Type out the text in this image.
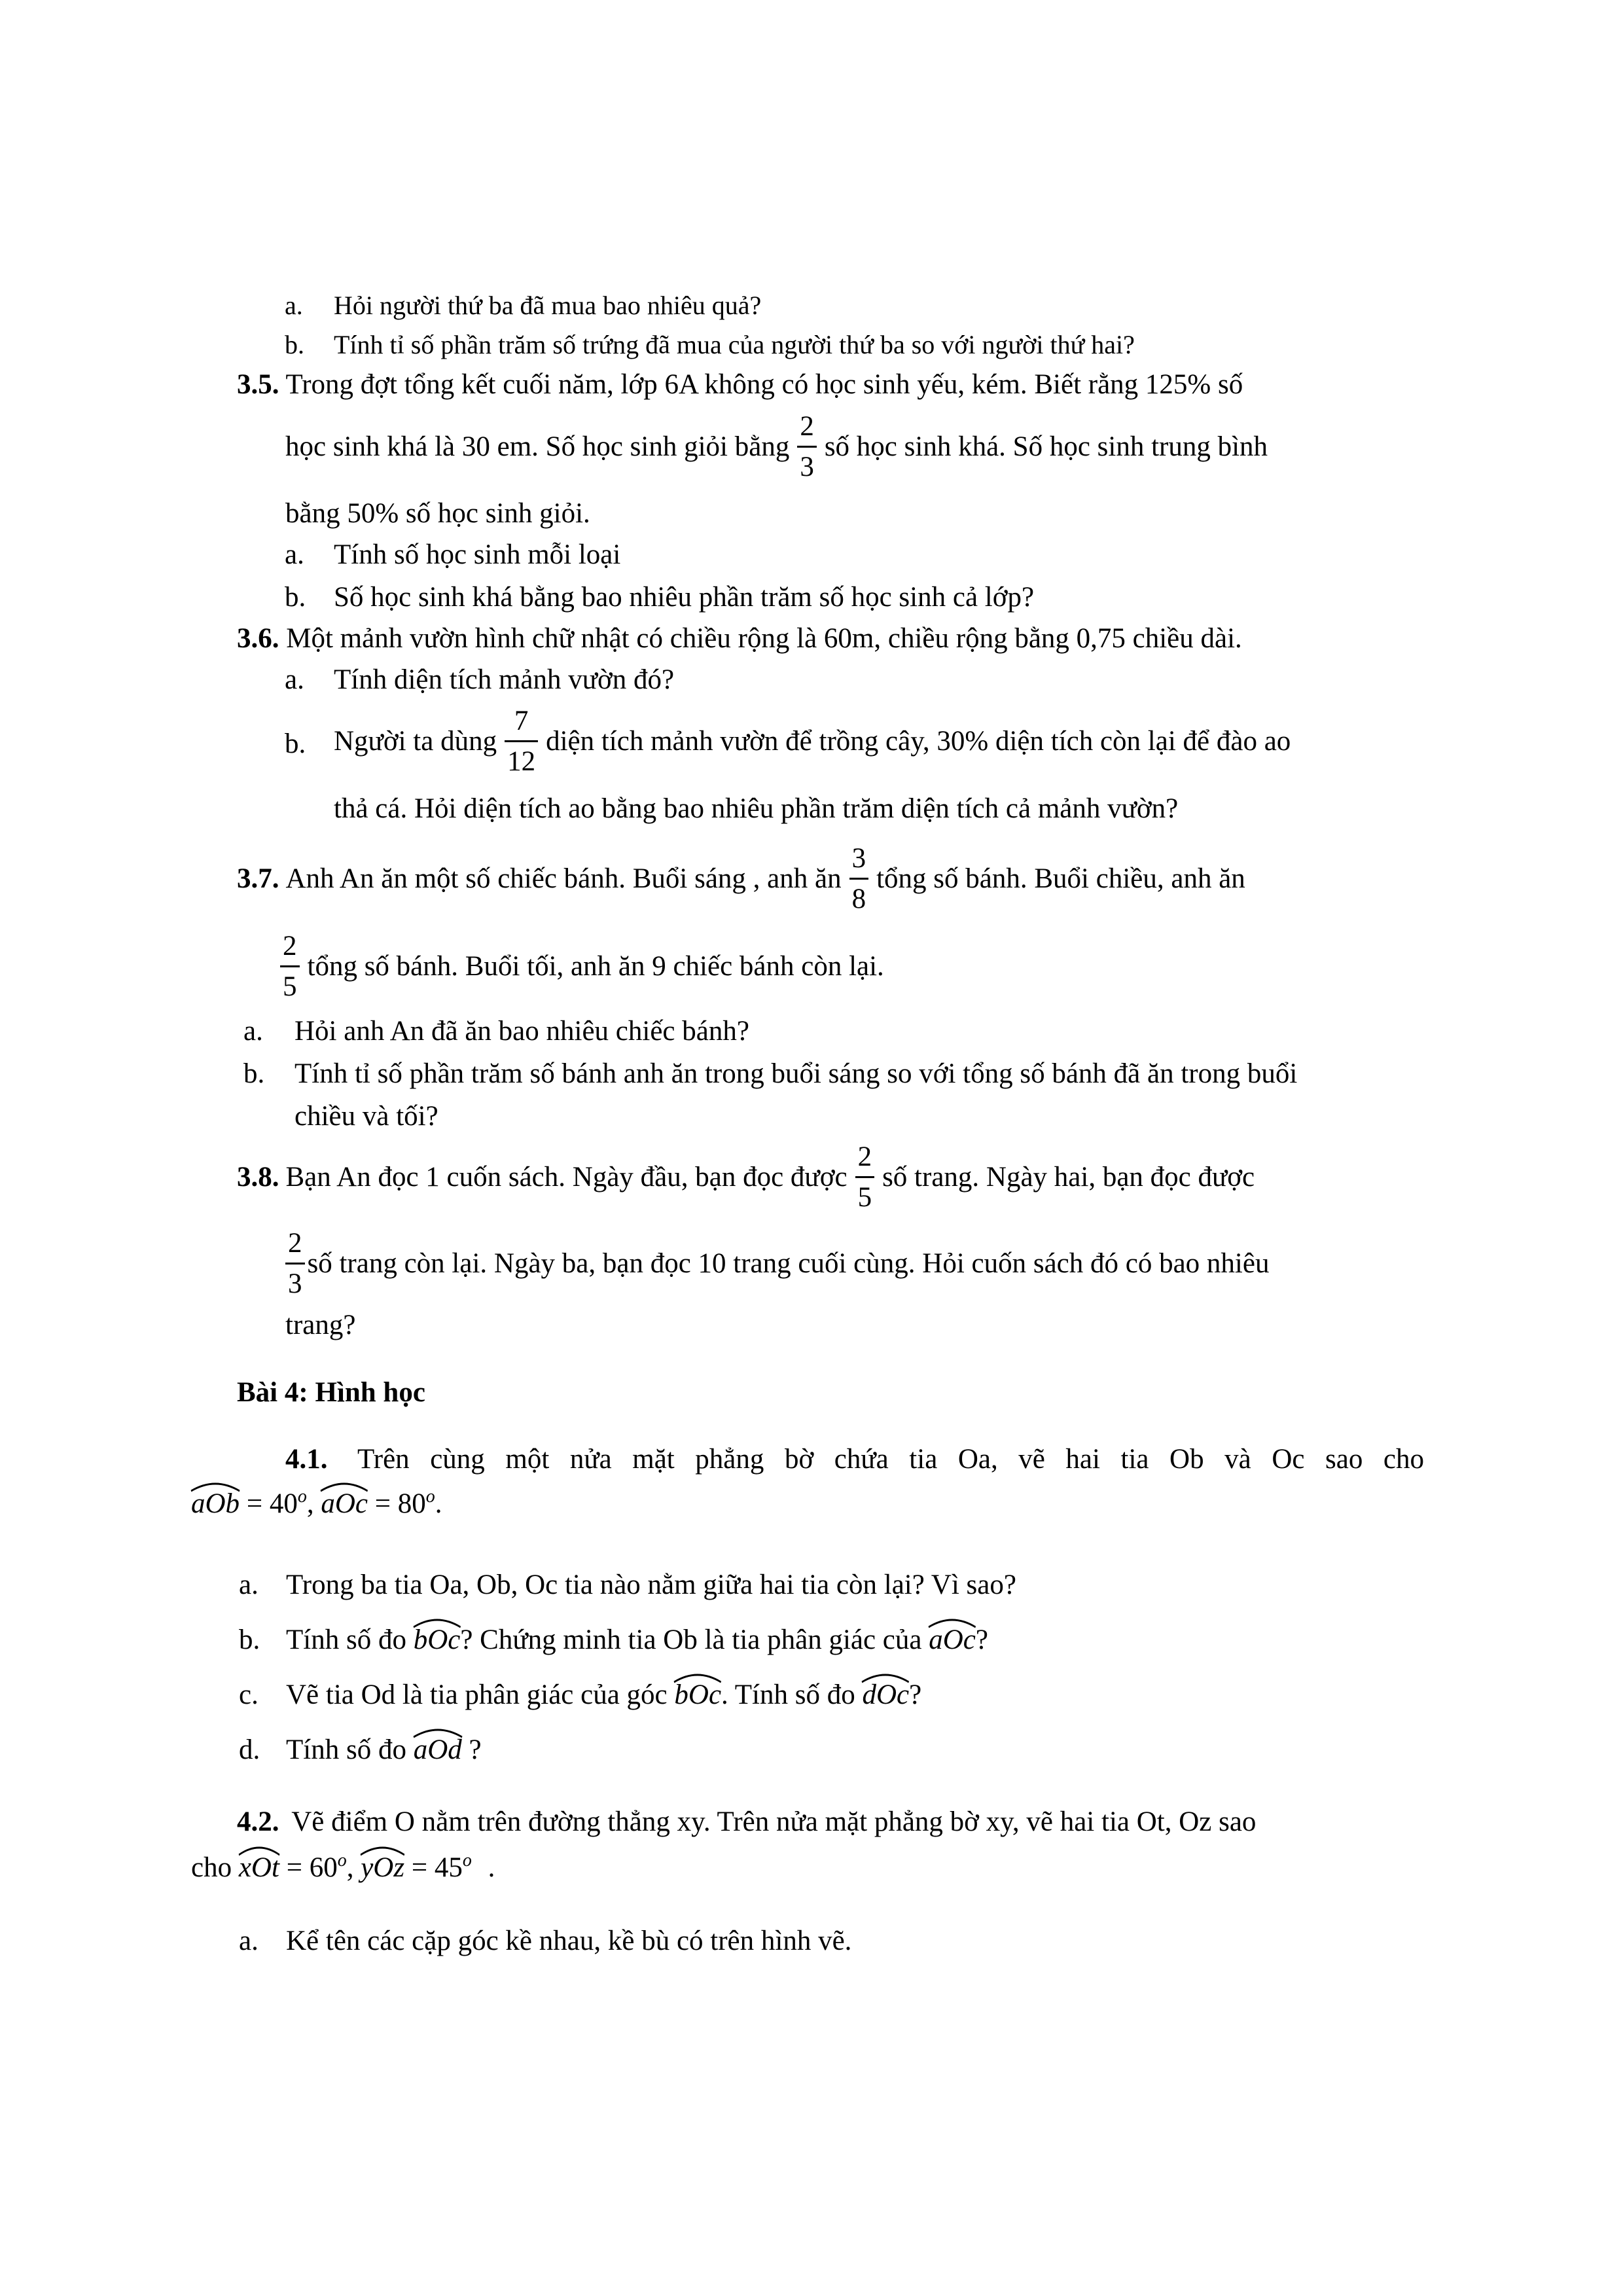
a. Hỏi người thứ ba đã mua bao nhiêu quả?
b. Tính tỉ số phần trăm số trứng đã mua của người thứ ba so với người thứ hai?
3.5. Trong đợt tổng kết cuối năm, lớp 6A không có học sinh yếu, kém. Biết rằng 125% số
học sinh khá là 30 em. Số học sinh giỏi bằng $\frac{2}{3}$ số học sinh khá. Số học sinh trung bình
bằng 50% số học sinh giỏi.
a. Tính số học sinh mỗi loại
b. Số học sinh khá bằng bao nhiêu phần trăm số học sinh cả lớp?
3.6. Một mảnh vườn hình chữ nhật có chiều rộng là 60m, chiều rộng bằng 0,75 chiều dài.
a. Tính diện tích mảnh vườn đó?
b. Người ta dùng $\frac{7}{12}$ diện tích mảnh vườn để trồng cây, 30% diện tích còn lại để đào ao
thả cá. Hỏi diện tích ao bằng bao nhiêu phần trăm diện tích cả mảnh vườn?
3.7. Anh An ăn một số chiếc bánh. Buổi sáng , anh ăn $\frac{3}{8}$ tổng số bánh. Buổi chiều, anh ăn
$\frac{2}{5}$ tổng số bánh. Buổi tối, anh ăn 9 chiếc bánh còn lại.
a. Hỏi anh An đã ăn bao nhiêu chiếc bánh?
b. Tính tỉ số phần trăm số bánh anh ăn trong buổi sáng so với tổng số bánh đã ăn trong buổi
chiều và tối?
3.8. Bạn An đọc 1 cuốn sách. Ngày đầu, bạn đọc được $\frac{2}{5}$ số trang. Ngày hai, bạn đọc được
$\frac{2}{3}$ số trang còn lại. Ngày ba, bạn đọc 10 trang cuối cùng. Hỏi cuốn sách đó có bao nhiêu
trang?
Bài 4: Hình học
4.1. Trên cùng một nửa mặt phẳng bờ chứa tia Oa, vẽ hai tia Ob và Oc sao cho
aOb = $40^o$, aOc = $80^o$.
a. Trong ba tia Oa, Ob, Oc tia nào nằm giữa hai tia còn lại? Vì sao?
b. Tính số đo bOc? Chứng minh tia Ob là tia phân giác của aOc?
c. Vẽ tia Od là tia phân giác của góc bOc. Tính số đo dOc?
d. Tính số đo aOd ?
4.2. Vẽ điểm O nằm trên đường thẳng xy. Trên nửa mặt phẳng bờ xy, vẽ hai tia Ot, Oz sao
cho xOt = $60^o$, yOz = $45^o$ .
a. Kể tên các cặp góc kề nhau, kề bù có trên hình vẽ.
